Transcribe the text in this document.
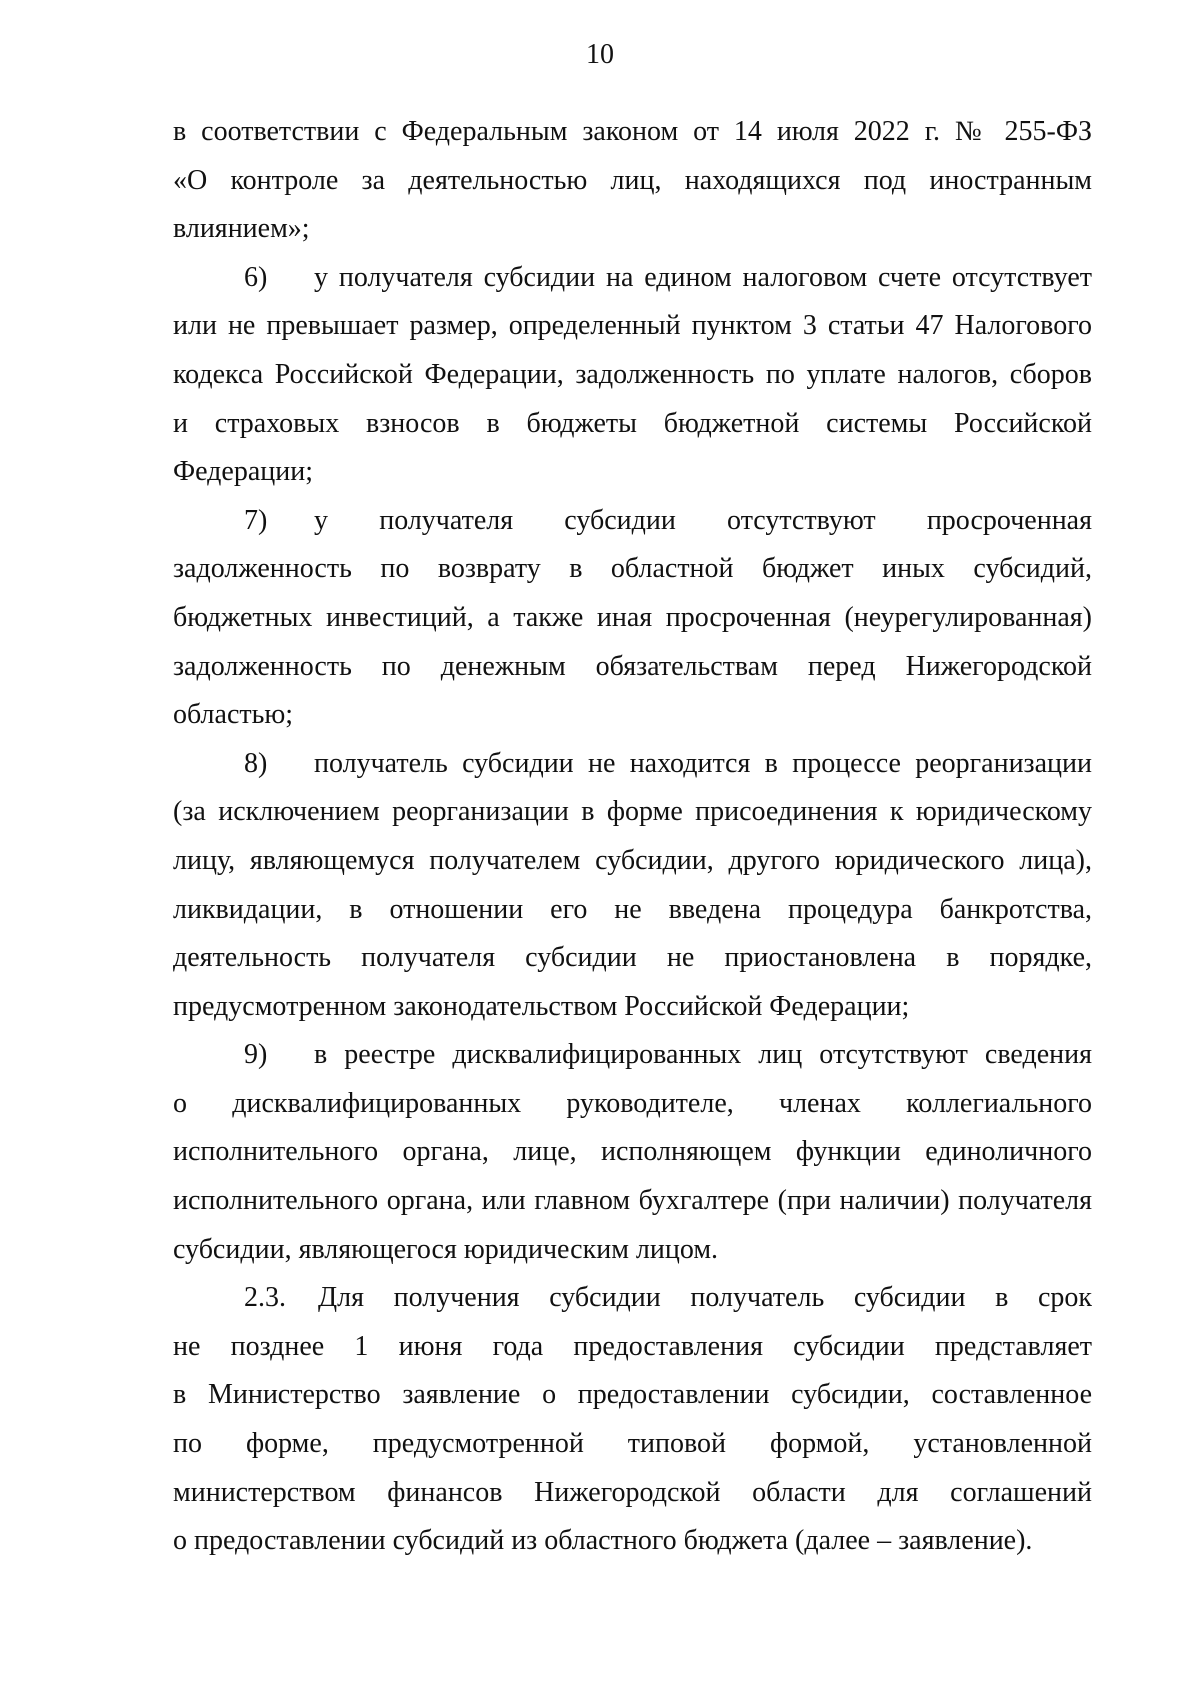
10
в соответствии с Федеральным законом от 14 июля 2022 г. № 255-ФЗ
«О контроле за деятельностью лиц, находящихся под иностранным
влиянием»;
6) у получателя субсидии на едином налоговом счете отсутствует
или не превышает размер, определенный пунктом 3 статьи 47 Налогового
кодекса Российской Федерации, задолженность по уплате налогов, сборов
и страховых взносов в бюджеты бюджетной системы Российской
Федерации;
7) у получателя субсидии отсутствуют просроченная
задолженность по возврату в областной бюджет иных субсидий,
бюджетных инвестиций, а также иная просроченная (неурегулированная)
задолженность по денежным обязательствам перед Нижегородской
областью;
8) получатель субсидии не находится в процессе реорганизации
(за исключением реорганизации в форме присоединения к юридическому
лицу, являющемуся получателем субсидии, другого юридического лица),
ликвидации, в отношении его не введена процедура банкротства,
деятельность получателя субсидии не приостановлена в порядке,
предусмотренном законодательством Российской Федерации;
9) в реестре дисквалифицированных лиц отсутствуют сведения
о дисквалифицированных руководителе, членах коллегиального
исполнительного органа, лице, исполняющем функции единоличного
исполнительного органа, или главном бухгалтере (при наличии) получателя
субсидии, являющегося юридическим лицом.
2.3. Для получения субсидии получатель субсидии в срок
не позднее 1 июня года предоставления субсидии представляет
в Министерство заявление о предоставлении субсидии, составленное
по форме, предусмотренной типовой формой, установленной
министерством финансов Нижегородской области для соглашений
о предоставлении субсидий из областного бюджета (далее – заявление).
